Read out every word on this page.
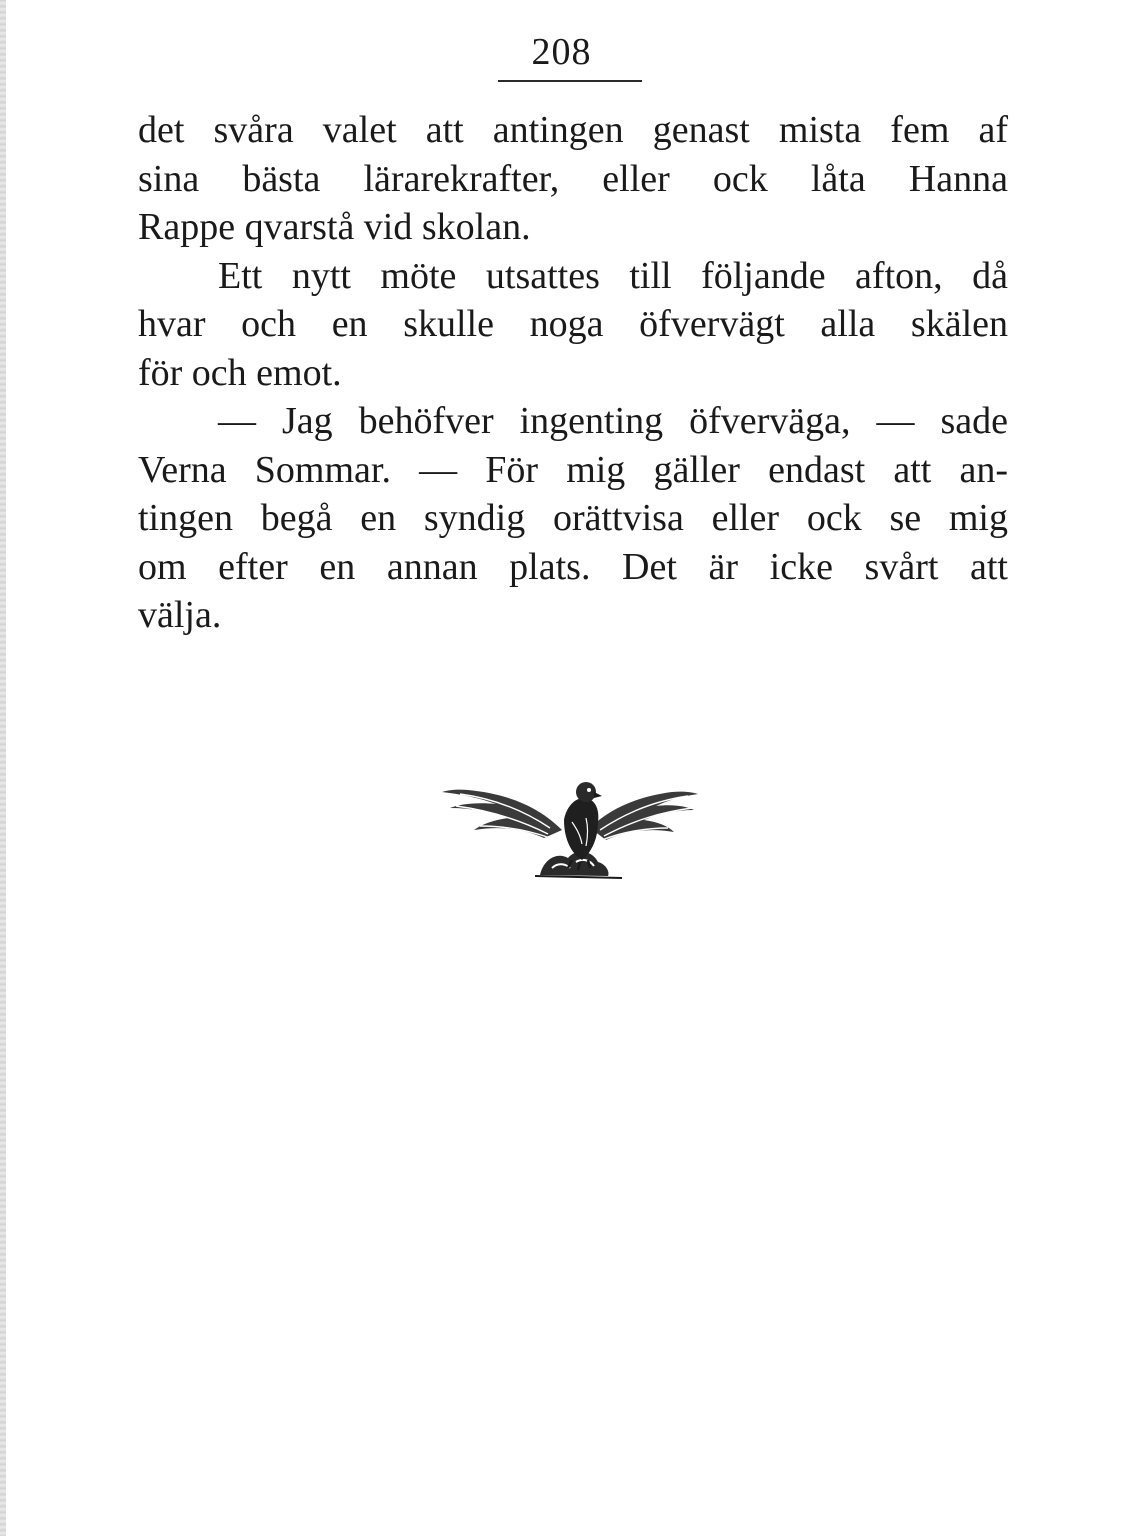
208
det svåra valet att antingen genast mista fem af
sina bästa lärarekrafter, eller ock låta Hanna
Rappe qvarstå vid skolan.
Ett nytt möte utsattes till följande afton, då
hvar och en skulle noga öfvervägt alla skälen
för och emot.
— Jag behöfver ingenting öfverväga, — sade
Verna Sommar. — För mig gäller endast att an-
tingen begå en syndig orättvisa eller ock se mig
om efter en annan plats. Det är icke svårt att
välja.
